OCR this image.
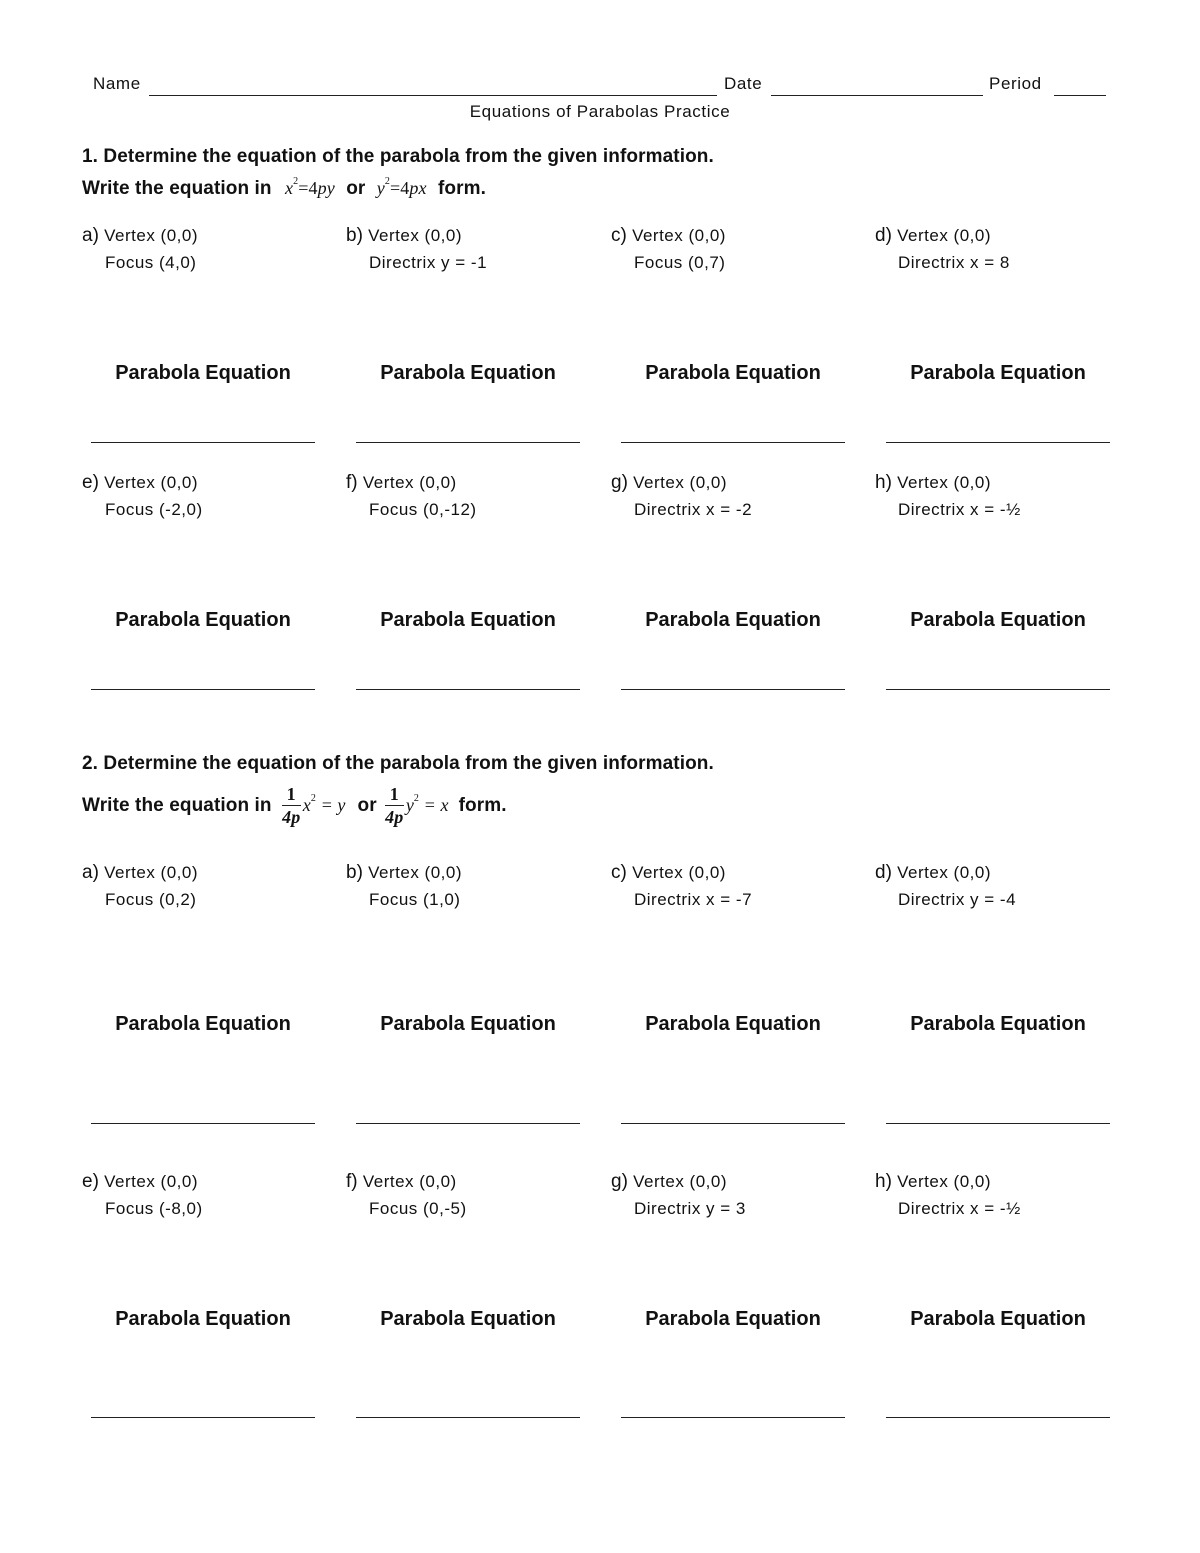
Name	Date	Period
Equations of Parabolas Practice
1. Determine the equation of the parabola from the given information.
Write the equation in $x^2=4py$ or $y^2=4px$ form.
2. Determine the equation of the parabola from the given information.
Write the equation in $\frac{1}{4p} x^2 = y$ or $\frac{1}{4p} y^2 = x$ form.
a) Vertex (0,0)
Focus (4,0)
Parabola Equation
b) Vertex (0,0)
Directrix y = -1
Parabola Equation
c) Vertex (0,0)
Focus (0,7)
Parabola Equation
d) Vertex (0,0)
Directrix x = 8
Parabola Equation
e) Vertex (0,0)
Focus (-2,0)
Parabola Equation
f) Vertex (0,0)
Focus (0,-12)
Parabola Equation
g) Vertex (0,0)
Directrix x = -2
Parabola Equation
h) Vertex (0,0)
Directrix x = -½
Parabola Equation
a) Vertex (0,0)
Focus (0,2)
Parabola Equation
b) Vertex (0,0)
Focus (1,0)
Parabola Equation
c) Vertex (0,0)
Directrix x = -7
Parabola Equation
d) Vertex (0,0)
Directrix y = -4
Parabola Equation
e) Vertex (0,0)
Focus (-8,0)
Parabola Equation
f) Vertex (0,0)
Focus (0,-5)
Parabola Equation
g) Vertex (0,0)
Directrix y = 3
Parabola Equation
h) Vertex (0,0)
Directrix x = -½
Parabola Equation
